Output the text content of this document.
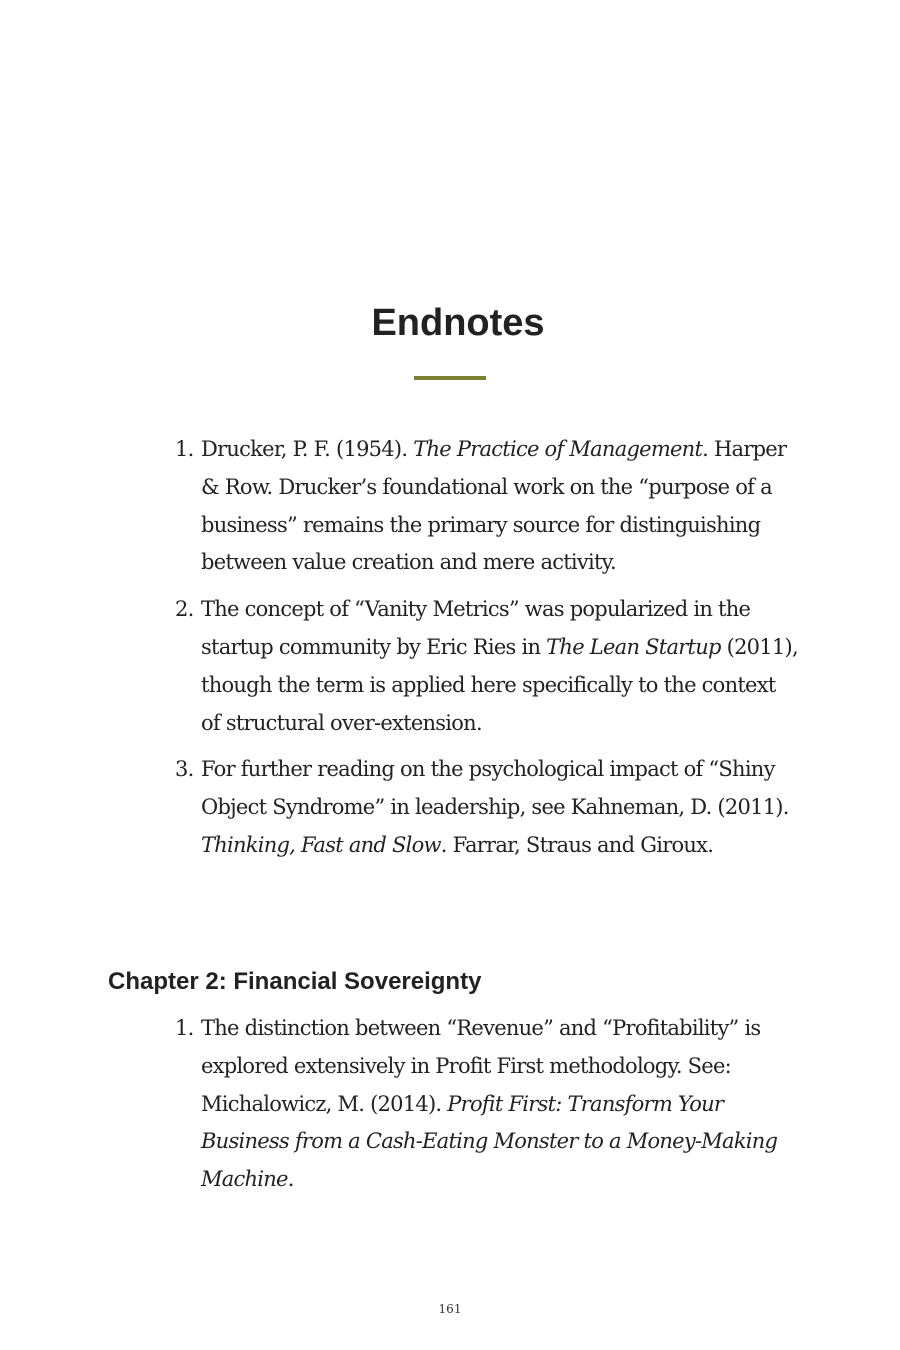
Endnotes
1. Drucker, P. F. (1954). The Practice of Management. Harper & Row. Drucker’s foundational work on the “purpose of a business” remains the primary source for distinguishing between value creation and mere activity.
2. The concept of “Vanity Metrics” was popularized in the startup community by Eric Ries in The Lean Startup (2011), though the term is applied here specifically to the context of structural over-extension.
3. For further reading on the psychological impact of “Shiny Object Syndrome” in leadership, see Kahneman, D. (2011). Thinking, Fast and Slow. Farrar, Straus and Giroux.
Chapter 2: Financial Sovereignty
1. The distinction between “Revenue” and “Profitability” is explored extensively in Profit First methodology. See: Michalowicz, M. (2014). Profit First: Transform Your Business from a Cash-Eating Monster to a Money-Making Machine.
161
